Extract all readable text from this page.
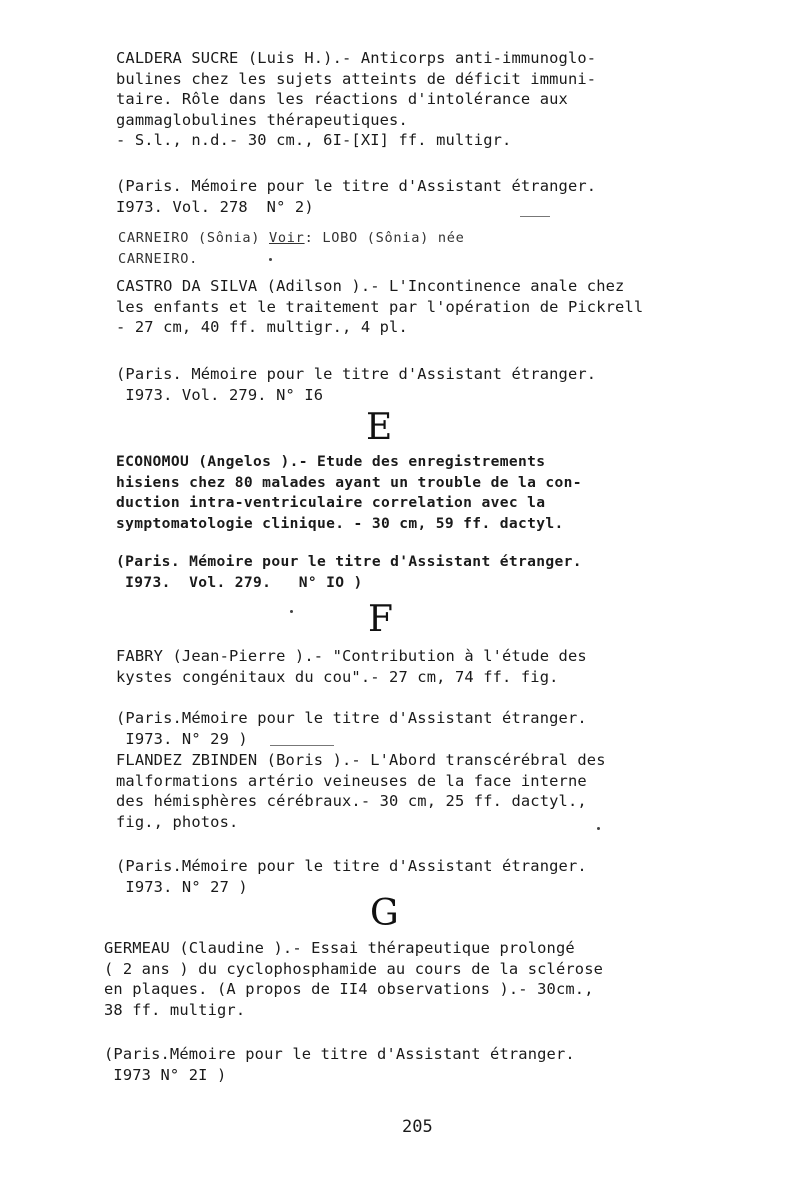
CALDERA SUCRE (Luis H.).- Anticorps anti-immunoglo-
bulines chez les sujets atteints de déficit immuni-
taire. Rôle dans les réactions d'intolérance aux
gammaglobulines thérapeutiques.
- S.l., n.d.- 30 cm., 6I-[XI] ff. multigr.
(Paris. Mémoire pour le titre d'Assistant étranger.
I973. Vol. 278  N° 2)
CARNEIRO (Sônia) Voir: LOBO (Sônia) née
CARNEIRO.
CASTRO DA SILVA (Adilson ).- L'Incontinence anale chez
les enfants et le traitement par l'opération de Pickrell
- 27 cm, 40 ff. multigr., 4 pl.
(Paris. Mémoire pour le titre d'Assistant étranger.
I973. Vol. 279. N° I6
E
ECONOMOU (Angelos ).- Etude des enregistrements
hisiens chez 80 malades ayant un trouble de la con-
duction intra-ventriculaire correlation avec la
symptomatologie clinique. - 30 cm, 59 ff. dactyl.
(Paris. Mémoire pour le titre d'Assistant étranger.
I973.  Vol. 279.   N° IO )
F
FABRY (Jean-Pierre ).- "Contribution à l'étude des
kystes congénitaux du cou".- 27 cm, 74 ff. fig.
(Paris.Mémoire pour le titre d'Assistant étranger.
I973. N° 29 )
FLANDEZ ZBINDEN (Boris ).- L'Abord transcérébral des
malformations artério veineuses de la face interne
des hémisphères cérébraux.- 30 cm, 25 ff. dactyl.,
fig., photos.
(Paris.Mémoire pour le titre d'Assistant étranger.
I973. N° 27 )
G
GERMEAU (Claudine ).- Essai thérapeutique prolongé
( 2 ans ) du cyclophosphamide au cours de la sclérose
en plaques. (A propos de II4 observations ).- 30cm.,
38 ff. multigr.
(Paris.Mémoire pour le titre d'Assistant étranger.
I973 N° 2I )
205
